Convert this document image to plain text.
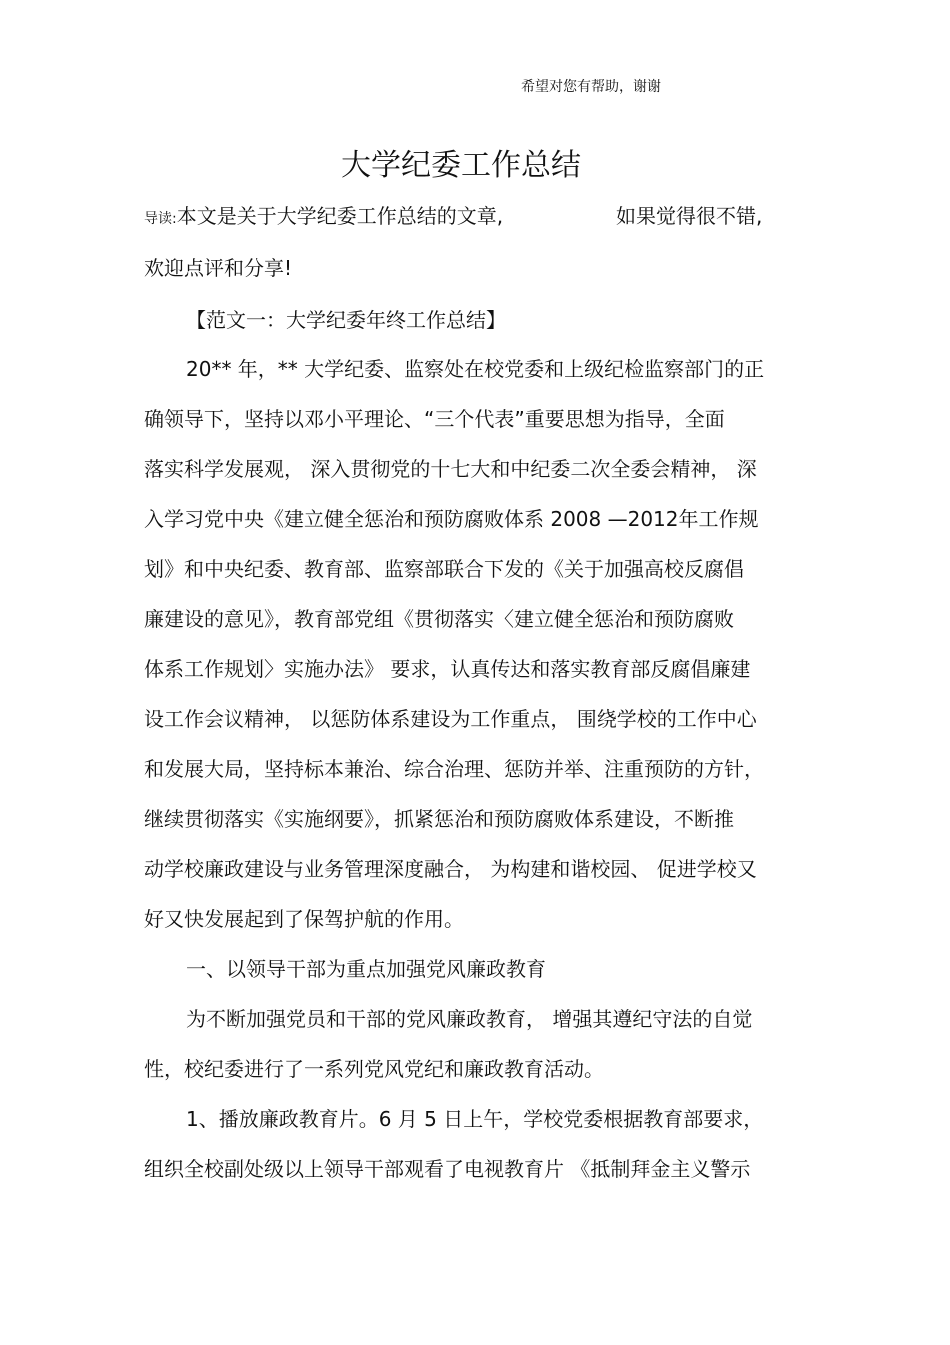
希望对您有帮助，谢谢
大学纪委工作总结
导读:本文是关于大学纪委工作总结的文章,	如果觉得很不错,
欢迎点评和分享!
【范文一：大学纪委年终工作总结】
20** 年，** 大学纪委、监察处在校党委和上级纪检监察部门的正
确领导下，坚持以邓小平理论、“三个代表”重要思想为指导，全面
落实科学发展观， 深入贯彻党的十七大和中纪委二次全委会精神， 深
入学习党中央《建立健全惩治和预防腐败体系 2008 —2012年工作规
划》和中央纪委、教育部、监察部联合下发的《关于加强高校反腐倡
廉建设的意见》，教育部党组《贯彻落实〈建立健全惩治和预防腐败
体系工作规划〉实施办法》 要求，认真传达和落实教育部反腐倡廉建
设工作会议精神， 以惩防体系建设为工作重点， 围绕学校的工作中心
和发展大局，坚持标本兼治、综合治理、惩防并举、注重预防的方针，
继续贯彻落实《实施纲要》，抓紧惩治和预防腐败体系建设，不断推
动学校廉政建设与业务管理深度融合， 为构建和谐校园、 促进学校又
好又快发展起到了保驾护航的作用。
一、以领导干部为重点加强党风廉政教育
为不断加强党员和干部的党风廉政教育， 增强其遵纪守法的自觉
性，校纪委进行了一系列党风党纪和廉政教育活动。
1、播放廉政教育片。6 月 5 日上午，学校党委根据教育部要求，
组织全校副处级以上领导干部观看了电视教育片 《抵制拜金主义警示
